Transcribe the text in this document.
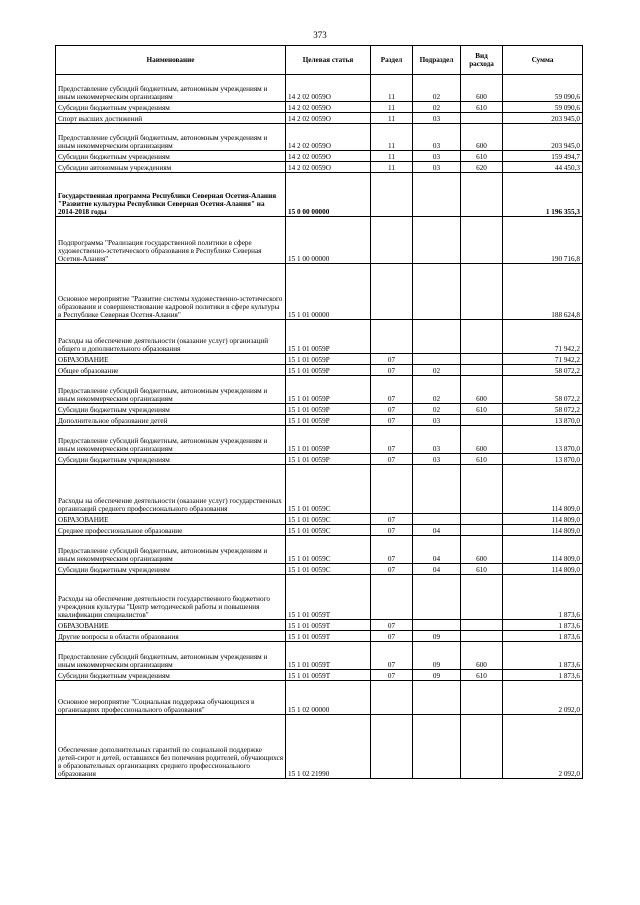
373
Наименование	Целевая статья	Раздел	Подраздел	Вид расхода	Сумма
Предоставление субсидий бюджетным, автономным учреждениям и иным некоммерческим организациям	14 2 02 0059О	11	02	600	59 090,6
Субсидии бюджетным учреждениям	14 2 02 0059О	11	02	610	59 090,6
Спорт высших достижений	14 2 02 0059О	11	03		203 945,0
Предоставление субсидий бюджетным, автономным учреждениям и иным некоммерческим организациям	14 2 02 0059О	11	03	600	203 945,0
Субсидии бюджетным учреждениям	14 2 02 0059О	11	03	610	159 494,7
Субсидии автономным учреждениям	14 2 02 0059О	11	03	620	44 450,3
Государственная программа Республики Северная Осетия-Алания "Развитие культуры Республики Северная Осетия-Алания" на 2014-2018 годы	15 0 00 00000				1 196 355,3
Подпрограмма "Реализация государственной политики в сфере художественно-эстетического образования в Республике Северная Осетия-Алания"	15 1 00 00000				190 716,8
Основное мероприятие "Развитие системы художественно-эстетического образования и совершенствование кадровой политики в сфере культуры в Республике Северная Осетия-Алания"	15 1 01 00000				188 624,8
Расходы на обеспечение деятельности (оказание услуг) организаций общего и дополнительного образования	15 1 01 0059Р				71 942,2
ОБРАЗОВАНИЕ	15 1 01 0059Р	07			71 942,2
Общее образование	15 1 01 0059Р	07	02		58 072,2
Предоставление субсидий бюджетным, автономным учреждениям и иным некоммерческим организациям	15 1 01 0059Р	07	02	600	58 072,2
Субсидии бюджетным учреждениям	15 1 01 0059Р	07	02	610	58 072,2
Дополнительное образование детей	15 1 01 0059Р	07	03		13 870,0
Предоставление субсидий бюджетным, автономным учреждениям и иным некоммерческим организациям	15 1 01 0059Р	07	03	600	13 870,0
Субсидии бюджетным учреждениям	15 1 01 0059Р	07	03	610	13 870,0
Расходы на обеспечение деятельности (оказание услуг) государственных организаций среднего профессионального образования	15 1 01 0059С				114 809,0
ОБРАЗОВАНИЕ	15 1 01 0059С	07			114 809,0
Среднее профессиональное образование	15 1 01 0059С	07	04		114 809,0
Предоставление субсидий бюджетным, автономным учреждениям и иным некоммерческим организациям	15 1 01 0059С	07	04	600	114 809,0
Субсидии бюджетным учреждениям	15 1 01 0059С	07	04	610	114 809,0
Расходы на обеспечение деятельности государственного бюджетного учреждения культуры "Центр методической работы и повышения квалификации специалистов"	15 1 01 0059Т				1 873,6
ОБРАЗОВАНИЕ	15 1 01 0059Т	07			1 873,6
Другие вопросы в области образования	15 1 01 0059Т	07	09		1 873,6
Предоставление субсидий бюджетным, автономным учреждениям и иным некоммерческим организациям	15 1 01 0059Т	07	09	600	1 873,6
Субсидии бюджетным учреждениям	15 1 01 0059Т	07	09	610	1 873,6
Основное мероприятие "Социальная поддержка обучающихся в организациях профессионального образования"	15 1 02 00000				2 092,0
Обеспечение дополнительных гарантий по социальной поддержке детей-сирот и детей, оставшихся без попечения родителей, обучающихся в образовательных организациях среднего профессионального образования	15 1 02 21990				2 092,0
